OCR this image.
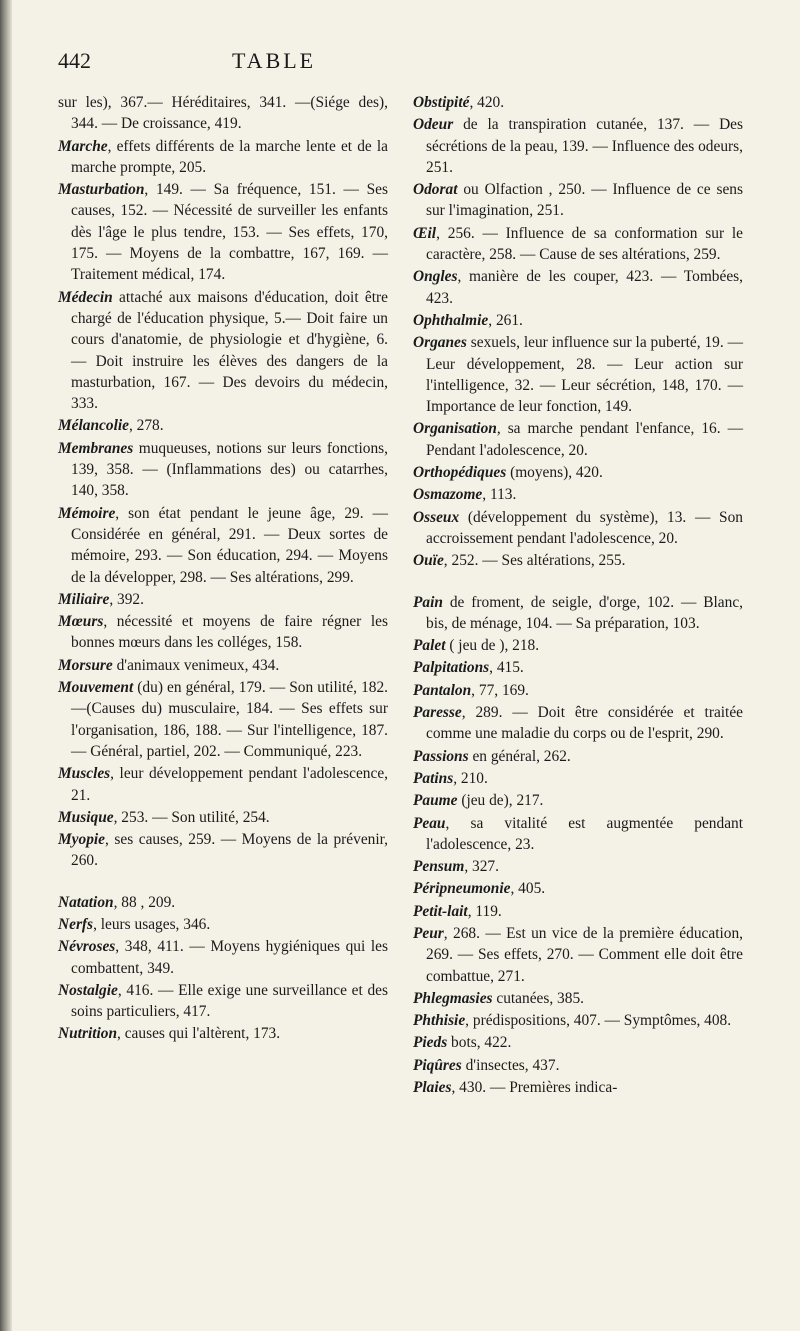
442	TABLE

sur les), 367.— Héréditaires, 341. —(Siége des), 344. — De croissance, 419.

Marche, effets différents de la marche lente et de la marche prompte, 205.

Masturbation, 149. — Sa fréquence, 151. — Ses causes, 152. — Nécessité de surveiller les enfants dès l'âge le plus tendre, 153. — Ses effets, 170, 175. — Moyens de la combattre, 167, 169. — Traitement médical, 174.

Médecin attaché aux maisons d'éducation, doit être chargé de l'éducation physique, 5.— Doit faire un cours d'anatomie, de physiologie et d'hygiène, 6. — Doit instruire les élèves des dangers de la masturbation, 167. — Des devoirs du médecin, 333.

Mélancolie, 278.

Membranes muqueuses, notions sur leurs fonctions, 139, 358. — (Inflammations des) ou catarrhes, 140, 358.

Mémoire, son état pendant le jeune âge, 29. — Considérée en général, 291. — Deux sortes de mémoire, 293. — Son éducation, 294. — Moyens de la développer, 298. — Ses altérations, 299.

Miliaire, 392.

Mœurs, nécessité et moyens de faire régner les bonnes mœurs dans les colléges, 158.

Morsure d'animaux venimeux, 434.

Mouvement (du) en général, 179. — Son utilité, 182.—(Causes du) musculaire, 184. — Ses effets sur l'organisation, 186, 188. — Sur l'intelligence, 187. — Général, partiel, 202. — Communiqué, 223.

Muscles, leur développement pendant l'adolescence, 21.

Musique, 253. — Son utilité, 254.

Myopie, ses causes, 259. — Moyens de la prévenir, 260.

Natation, 88 , 209.

Nerfs, leurs usages, 346.

Névroses, 348, 411. — Moyens hygiéniques qui les combattent, 349.

Nostalgie, 416. — Elle exige une surveillance et des soins particuliers, 417.

Nutrition, causes qui l'altèrent, 173.

Obstipité, 420.

Odeur de la transpiration cutanée, 137. — Des sécrétions de la peau, 139. — Influence des odeurs, 251.

Odorat ou Olfaction , 250. — Influence de ce sens sur l'imagination, 251.

Œil, 256. — Influence de sa conformation sur le caractère, 258. — Cause de ses altérations, 259.

Ongles, manière de les couper, 423. — Tombées, 423.

Ophthalmie, 261.

Organes sexuels, leur influence sur la puberté, 19. — Leur développement, 28. — Leur action sur l'intelligence, 32. — Leur sécrétion, 148, 170. — Importance de leur fonction, 149.

Organisation, sa marche pendant l'enfance, 16. — Pendant l'adolescence, 20.

Orthopédiques (moyens), 420.

Osmazome, 113.

Osseux (développement du système), 13. — Son accroissement pendant l'adolescence, 20.

Ouïe, 252. — Ses altérations, 255.

Pain de froment, de seigle, d'orge, 102. — Blanc, bis, de ménage, 104. — Sa préparation, 103.

Palet ( jeu de ), 218.

Palpitations, 415.

Pantalon, 77, 169.

Paresse, 289. — Doit être considérée et traitée comme une maladie du corps ou de l'esprit, 290.

Passions en général, 262.

Patins, 210.

Paume (jeu de), 217.

Peau, sa vitalité est augmentée pendant l'adolescence, 23.

Pensum, 327.

Péripneumonie, 405.

Petit-lait, 119.

Peur, 268. — Est un vice de la première éducation, 269. — Ses effets, 270. — Comment elle doit être combattue, 271.

Phlegmasies cutanées, 385.

Phthisie, prédispositions, 407. — Symptômes, 408.

Pieds bots, 422.

Piqûres d'insectes, 437.

Plaies, 430. — Premières indica-
